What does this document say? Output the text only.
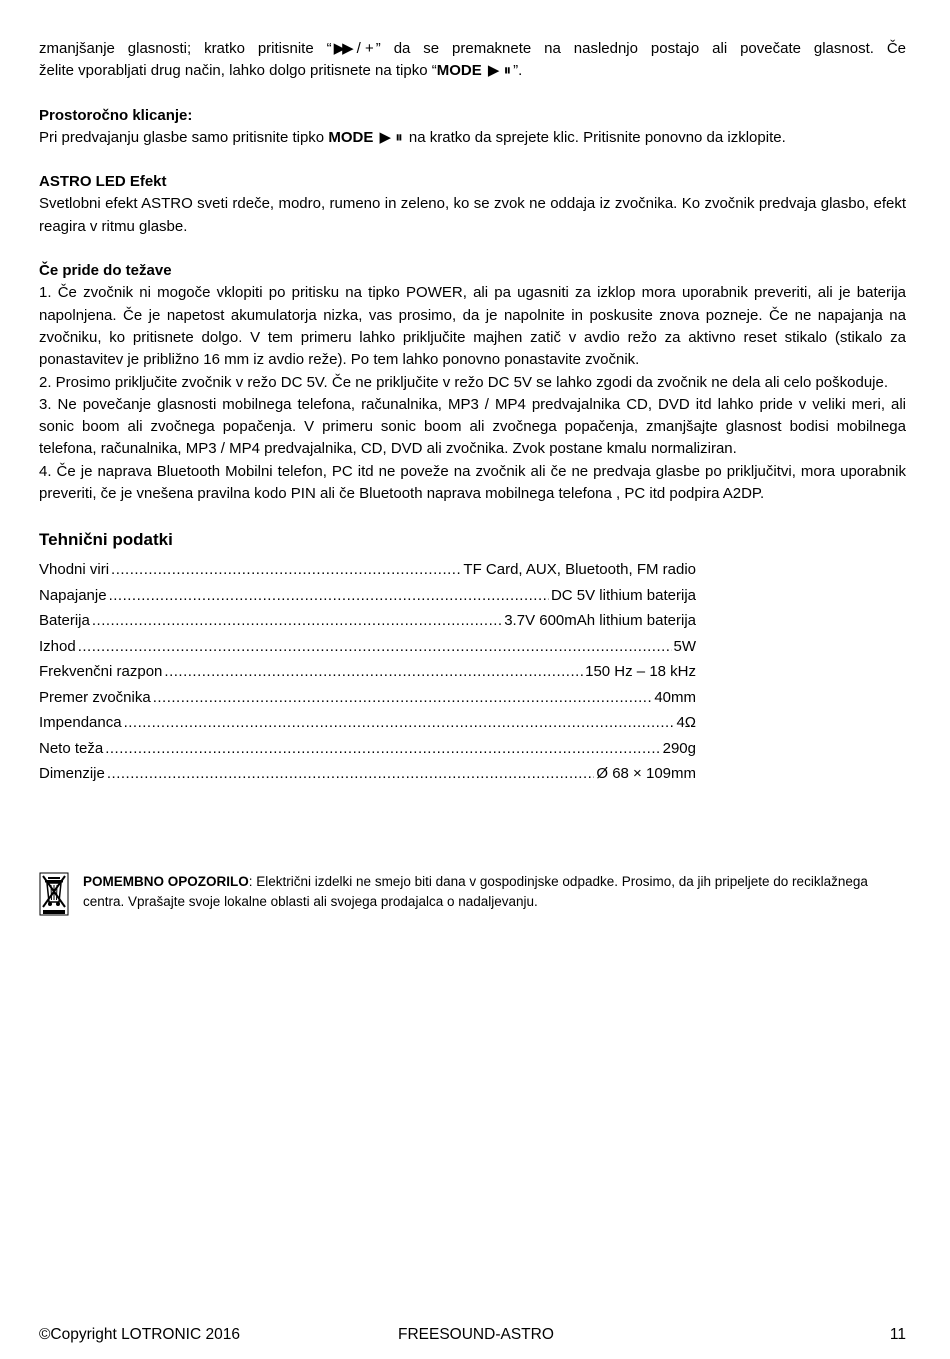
zmanjšanje glasnosti; kratko pritisnite “ ▶▶ / + ” da se premaknete na naslednjo postajo ali povečate glasnost. Če

želite vporabljati drug način, lahko dolgo pritisnete na tipko “MODE ▶ ⏸ ”.

Prostoročno klicanje:

Pri predvajanju glasbe samo pritisnite tipko MODE ▶ ⏸ na kratko da sprejete klic. Pritisnite ponovno da izklopite.

ASTRO LED Efekt

Svetlobni efekt ASTRO sveti rdeče, modro, rumeno in zeleno, ko se zvok ne oddaja iz zvočnika. Ko zvočnik predvaja glasbo, efekt reagira v ritmu glasbe.

Če pride do težave

1. Če zvočnik ni mogoče vklopiti po pritisku na tipko POWER, ali pa ugasniti za izklop mora uporabnik preveriti, ali je baterija napolnjena. Če je napetost akumulatorja nizka, vas prosimo, da je napolnite in poskusite znova pozneje. Če ne napajanja na zvočniku, ko pritisnete dolgo. V tem primeru lahko priključite majhen zatič v avdio režo za aktivno reset stikalo (stikalo za ponastavitev je približno 16 mm iz avdio reže). Po tem lahko ponovno ponastavite zvočnik.

2. Prosimo priključite zvočnik v režo DC 5V. Če ne priključite v režo DC 5V se lahko zgodi da zvočnik ne dela ali celo poškoduje.

3. Ne povečanje glasnosti mobilnega telefona, računalnika, MP3 / MP4 predvajalnika CD, DVD itd lahko pride v veliki meri, ali sonic boom ali zvočnega popačenja. V primeru sonic boom ali zvočnega popačenja, zmanjšajte glasnost bodisi mobilnega telefona, računalnika, MP3 / MP4 predvajalnika, CD, DVD ali zvočnika. Zvok postane kmalu normaliziran.

4. Če je naprava Bluetooth Mobilni telefon, PC itd ne poveže na zvočnik ali če ne predvaja glasbe po priključitvi, mora uporabnik preveriti, če je vnešena pravilna kodo PIN ali če Bluetooth naprava mobilnega telefona , PC itd podpira A2DP.

Tehnični podatki
Vhodni viri .....	TF Card, AUX, Bluetooth, FM radio
Napajanje .....	DC 5V lithium baterija
Baterija .....	3.7V 600mAh lithium baterija
Izhod .....	5W
Frekvenčni razpon .....	150 Hz – 18 kHz
Premer zvočnika .....	40mm
Impendanca .....	4Ω
Neto teža .....	290g
Dimenzije .....	Ø 68 × 109mm
POMEMBNO OPOZORILO: Električni izdelki ne smejo biti dana v gospodinjske odpadke. Prosimo, da jih pripeljete do reciklažnega centra. Vprašajte svoje lokalne oblasti ali svojega prodajalca o nadaljevanju.
©Copyright LOTRONIC 2016	FREESOUND-ASTRO	11
